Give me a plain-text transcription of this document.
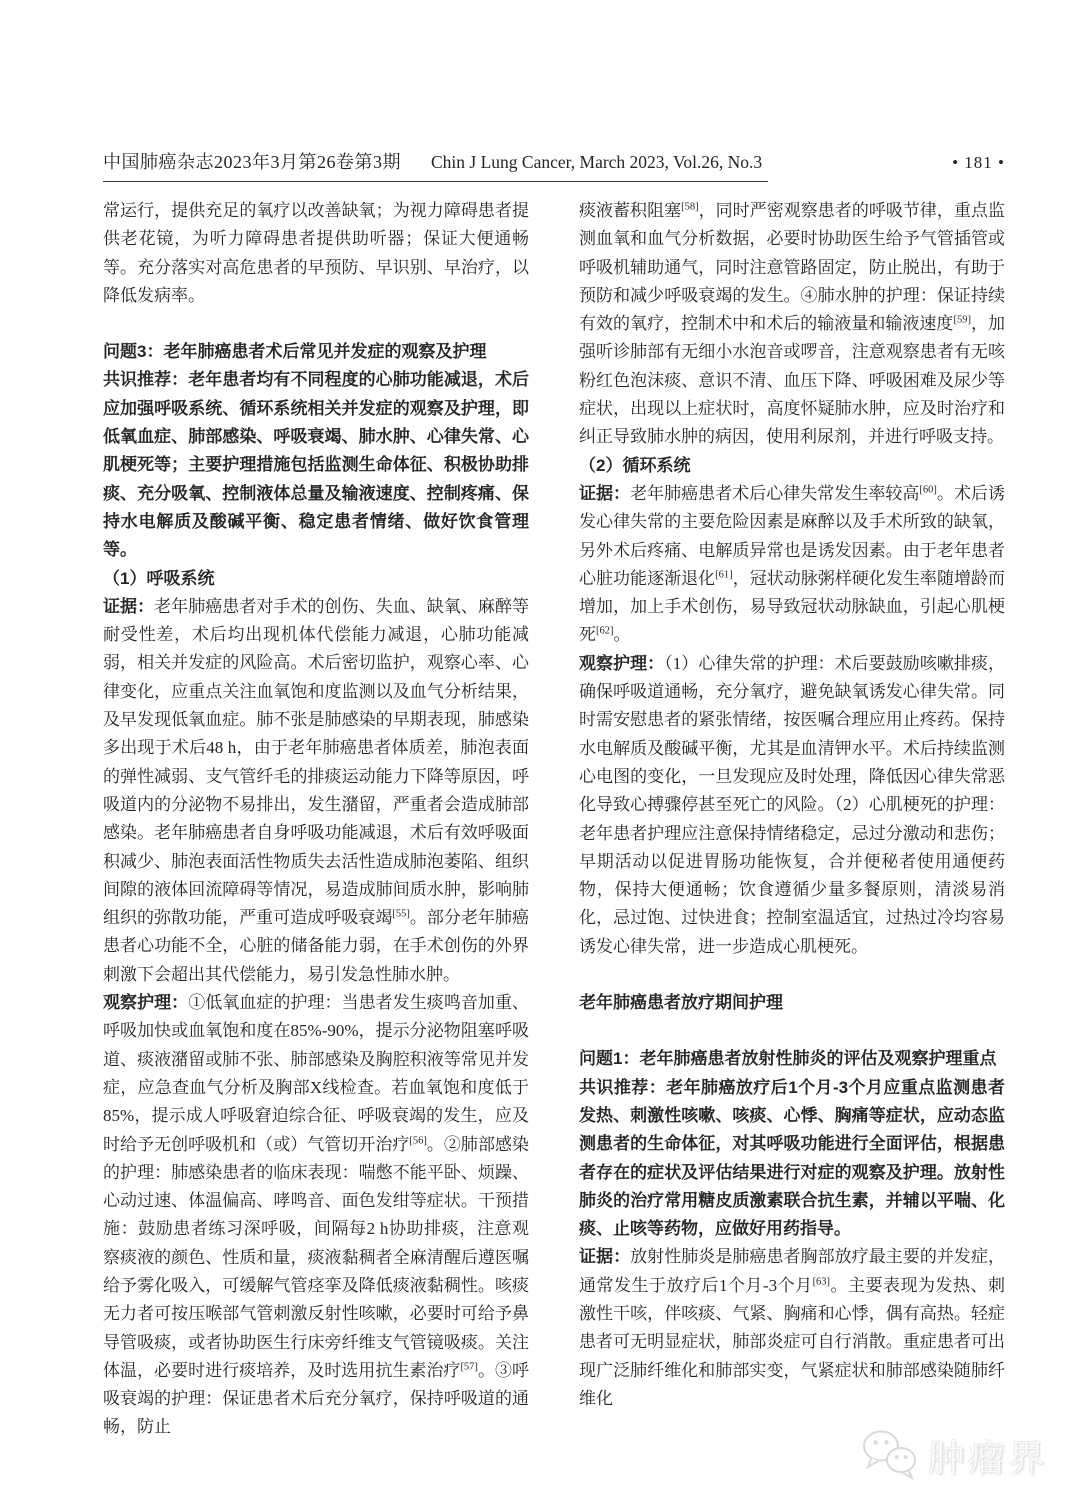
中国肺癌杂志2023年3月第26卷第3期 Chin J Lung Cancer, March 2023, Vol.26, No.3	• 181 •

常运行，提供充足的氧疗以改善缺氧；为视力障碍患者提供老花镜，为听力障碍患者提供助听器；保证大便通畅等。充分落实对高危患者的早预防、早识别、早治疗，以降低发病率。

问题3：老年肺癌患者术后常见并发症的观察及护理

共识推荐：老年患者均有不同程度的心肺功能减退，术后应加强呼吸系统、循环系统相关并发症的观察及护理，即低氧血症、肺部感染、呼吸衰竭、肺水肿、心律失常、心肌梗死等；主要护理措施包括监测生命体征、积极协助排痰、充分吸氧、控制液体总量及输液速度、控制疼痛、保持水电解质及酸碱平衡、稳定患者情绪、做好饮食管理等。

（1）呼吸系统

证据：老年肺癌患者对手术的创伤、失血、缺氧、麻醉等耐受性差，术后均出现机体代偿能力减退，心肺功能减弱，相关并发症的风险高。术后密切监护，观察心率、心律变化，应重点关注血氧饱和度监测以及血气分析结果，及早发现低氧血症。肺不张是肺感染的早期表现，肺感染多出现于术后48 h，由于老年肺癌患者体质差，肺泡表面的弹性减弱、支气管纤毛的排痰运动能力下降等原因，呼吸道内的分泌物不易排出，发生潴留，严重者会造成肺部感染。老年肺癌患者自身呼吸功能减退，术后有效呼吸面积减少、肺泡表面活性物质失去活性造成肺泡萎陷、组织间隙的液体回流障碍等情况，易造成肺间质水肿，影响肺组织的弥散功能，严重可造成呼吸衰竭[55]。部分老年肺癌患者心功能不全，心脏的储备能力弱，在手术创伤的外界刺激下会超出其代偿能力，易引发急性肺水肿。

观察护理：①低氧血症的护理：当患者发生痰鸣音加重、呼吸加快或血氧饱和度在85%-90%，提示分泌物阻塞呼吸道、痰液潴留或肺不张、肺部感染及胸腔积液等常见并发症，应急查血气分析及胸部X线检查。若血氧饱和度低于85%，提示成人呼吸窘迫综合征、呼吸衰竭的发生，应及时给予无创呼吸机和（或）气管切开治疗[56]。②肺部感染的护理：肺感染患者的临床表现：喘憋不能平卧、烦躁、心动过速、体温偏高、哮鸣音、面色发绀等症状。干预措施：鼓励患者练习深呼吸，间隔每2 h协助排痰，注意观察痰液的颜色、性质和量，痰液黏稠者全麻清醒后遵医嘱给予雾化吸入，可缓解气管痉挛及降低痰液黏稠性。咳痰无力者可按压喉部气管刺激反射性咳嗽，必要时可给予鼻导管吸痰，或者协助医生行床旁纤维支气管镜吸痰。关注体温，必要时进行痰培养，及时选用抗生素治疗[57]。③呼吸衰竭的护理：保证患者术后充分氧疗，保持呼吸道的通畅，防止

痰液蓄积阻塞[58]，同时严密观察患者的呼吸节律，重点监测血氧和血气分析数据，必要时协助医生给予气管插管或呼吸机辅助通气，同时注意管路固定，防止脱出，有助于预防和减少呼吸衰竭的发生。④肺水肿的护理：保证持续有效的氧疗，控制术中和术后的输液量和输液速度[59]，加强听诊肺部有无细小水泡音或啰音，注意观察患者有无咳粉红色泡沫痰、意识不清、血压下降、呼吸困难及尿少等症状，出现以上症状时，高度怀疑肺水肿，应及时治疗和纠正导致肺水肿的病因，使用利尿剂，并进行呼吸支持。

（2）循环系统

证据：老年肺癌患者术后心律失常发生率较高[60]。术后诱发心律失常的主要危险因素是麻醉以及手术所致的缺氧，另外术后疼痛、电解质异常也是诱发因素。由于老年患者心脏功能逐渐退化[61]，冠状动脉粥样硬化发生率随增龄而增加，加上手术创伤，易导致冠状动脉缺血，引起心肌梗死[62]。

观察护理：（1）心律失常的护理：术后要鼓励咳嗽排痰，确保呼吸道通畅，充分氧疗，避免缺氧诱发心律失常。同时需安慰患者的紧张情绪，按医嘱合理应用止疼药。保持水电解质及酸碱平衡，尤其是血清钾水平。术后持续监测心电图的变化，一旦发现应及时处理，降低因心律失常恶化导致心搏骤停甚至死亡的风险。（2）心肌梗死的护理：老年患者护理应注意保持情绪稳定，忌过分激动和悲伤；早期活动以促进胃肠功能恢复，合并便秘者使用通便药物，保持大便通畅；饮食遵循少量多餐原则，清淡易消化，忌过饱、过快进食；控制室温适宜，过热过冷均容易诱发心律失常，进一步造成心肌梗死。

老年肺癌患者放疗期间护理

问题1：老年肺癌患者放射性肺炎的评估及观察护理重点

共识推荐：老年肺癌放疗后1个月-3个月应重点监测患者发热、刺激性咳嗽、咳痰、心悸、胸痛等症状，应动态监测患者的生命体征，对其呼吸功能进行全面评估，根据患者存在的症状及评估结果进行对症的观察及护理。放射性肺炎的治疗常用糖皮质激素联合抗生素，并辅以平喘、化痰、止咳等药物，应做好用药指导。

证据：放射性肺炎是肺癌患者胸部放疗最主要的并发症，通常发生于放疗后1个月-3个月[63]。主要表现为发热、刺激性干咳，伴咳痰、气紧、胸痛和心悸，偶有高热。轻症患者可无明显症状，肺部炎症可自行消散。重症患者可出现广泛肺纤维化和肺部实变，气紧症状和肺部感染随肺纤维化

肿瘤界
